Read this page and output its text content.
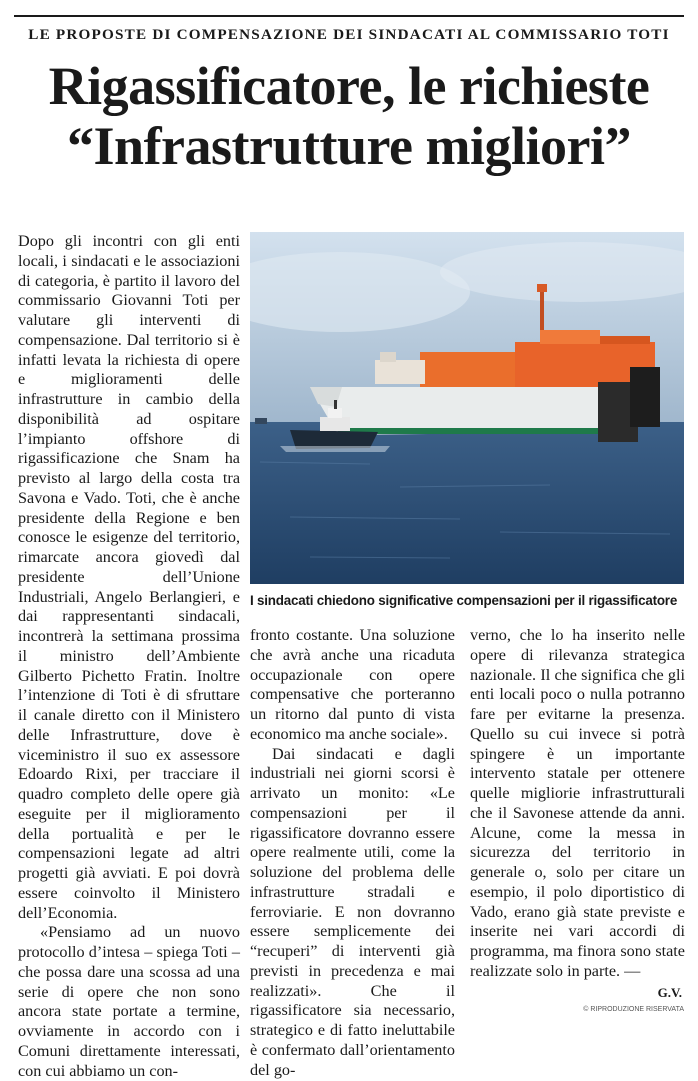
LE PROPOSTE DI COMPENSAZIONE DEI SINDACATI AL COMMISSARIO TOTI
Rigassificatore, le richieste
“Infrastrutture migliori”

Dopo gli incontri con gli enti locali, i sindacati e le associazioni di categoria, è partito il lavoro del commissario Giovanni Toti per valutare gli interventi di compensazione. Dal territorio si è infatti levata la richiesta di opere e miglioramenti delle infrastrutture in cambio della disponibilità ad ospitare l’impianto offshore di rigassificazione che Snam ha previsto al largo della costa tra Savona e Vado. Toti, che è anche presidente della Regione e ben conosce le esigenze del territorio, rimarcate ancora giovedì dal presidente dell’Unione Industriali, Angelo Berlangieri, e dai rappresentanti sindacali, incontrerà la settimana prossima il ministro dell’Ambiente Gilberto Pichetto Fratin. Inoltre l’intenzione di Toti è di sfruttare il canale diretto con il Ministero delle Infrastrutture, dove è viceministro il suo ex assessore Edoardo Rixi, per tracciare il quadro completo delle opere già eseguite per il miglioramento della portualità e per le compensazioni legate ad altri progetti già avviati. E poi dovrà essere coinvolto il Ministero dell’Economia.

«Pensiamo ad un nuovo protocollo d’intesa – spiega Toti – che possa dare una scossa ad una serie di opere che non sono ancora state portate a termine, ovviamente in accordo con i Comuni direttamente interessati, con cui abbiamo un con-

I sindacati chiedono significative compensazioni per il rigassificatore

fronto costante. Una soluzione che avrà anche una ricaduta occupazionale con opere compensative che porteranno un ritorno dal punto di vista economico ma anche sociale».

Dai sindacati e dagli industriali nei giorni scorsi è arrivato un monito: «Le compensazioni per il rigassificatore dovranno essere opere realmente utili, come la soluzione del problema delle infrastrutture stradali e ferroviarie. E non dovranno essere semplicemente dei “recuperi” di interventi già previsti in precedenza e mai realizzati». Che il rigassificatore sia necessario, strategico e di fatto ineluttabile è confermato dall’orientamento del go-

verno, che lo ha inserito nelle opere di rilevanza strategica nazionale. Il che significa che gli enti locali poco o nulla potranno fare per evitarne la presenza. Quello su cui invece si potrà spingere è un importante intervento statale per ottenere quelle migliorie infrastrutturali che il Savonese attende da anni. Alcune, come la messa in sicurezza del territorio in generale o, solo per citare un esempio, il polo diportistico di Vado, erano già state previste e inserite nei vari accordi di programma, ma finora sono state realizzate solo in parte. —

G.V.
© RIPRODUZIONE RISERVATA
